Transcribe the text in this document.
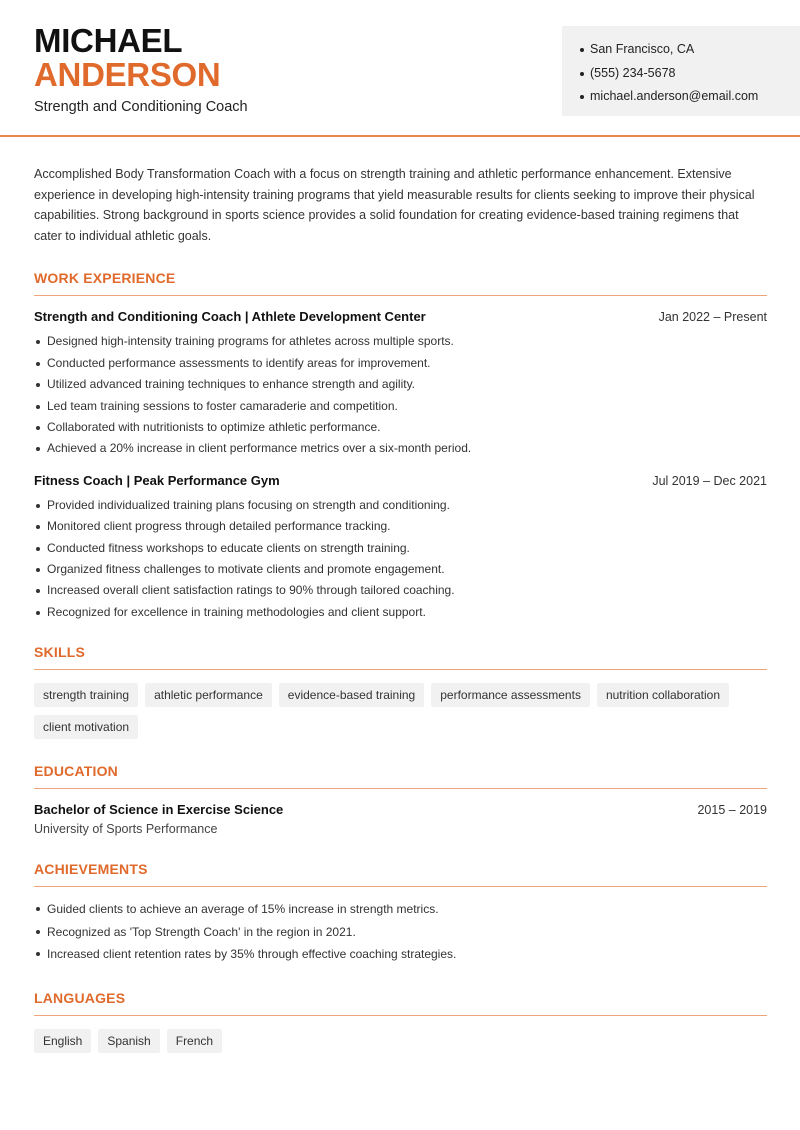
MICHAEL
ANDERSON
Strength and Conditioning Coach
San Francisco, CA
(555) 234-5678
michael.anderson@email.com

Accomplished Body Transformation Coach with a focus on strength training and athletic performance enhancement. Extensive experience in developing high-intensity training programs that yield measurable results for clients seeking to improve their physical capabilities. Strong background in sports science provides a solid foundation for creating evidence-based training regimens that cater to individual athletic goals.

WORK EXPERIENCE
Strength and Conditioning Coach | Athlete Development Center	Jan 2022 – Present
Designed high-intensity training programs for athletes across multiple sports.
Conducted performance assessments to identify areas for improvement.
Utilized advanced training techniques to enhance strength and agility.
Led team training sessions to foster camaraderie and competition.
Collaborated with nutritionists to optimize athletic performance.
Achieved a 20% increase in client performance metrics over a six-month period.
Fitness Coach | Peak Performance Gym	Jul 2019 – Dec 2021
Provided individualized training plans focusing on strength and conditioning.
Monitored client progress through detailed performance tracking.
Conducted fitness workshops to educate clients on strength training.
Organized fitness challenges to motivate clients and promote engagement.
Increased overall client satisfaction ratings to 90% through tailored coaching.
Recognized for excellence in training methodologies and client support.
SKILLS
strength training	athletic performance	evidence-based training	performance assessments	nutrition collaboration
client motivation
EDUCATION
Bachelor of Science in Exercise Science	2015 – 2019
University of Sports Performance
ACHIEVEMENTS
Guided clients to achieve an average of 15% increase in strength metrics.
Recognized as 'Top Strength Coach' in the region in 2021.
Increased client retention rates by 35% through effective coaching strategies.
LANGUAGES
English	Spanish	French
